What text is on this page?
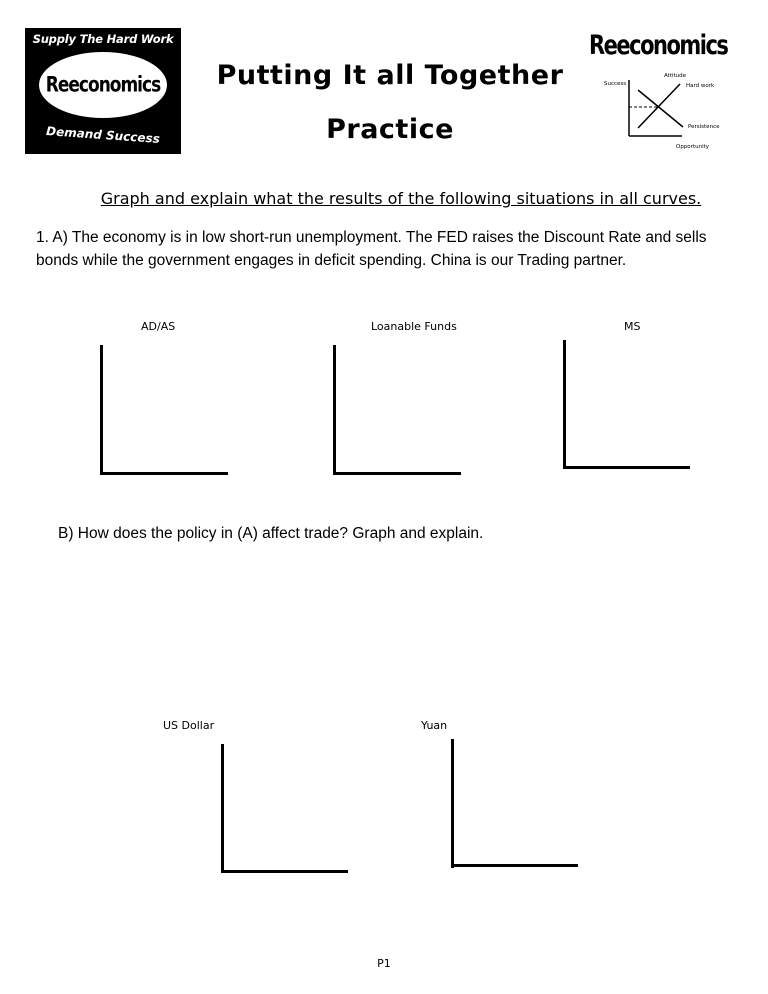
Supply The Hard Work
Reeconomics
Demand Success
Putting It all Together
Practice
Reeconomics
Success
Attitude
Hard work
Persistence
Opportunity
Graph and explain what the results of the following situations in all curves.
1. A) The economy is in low short-run unemployment. The FED raises the Discount Rate and sells bonds while the government engages in deficit spending. China is our Trading partner.
AD/AS	Loanable Funds	MS
B) How does the policy in (A) affect trade? Graph and explain.
US Dollar	Yuan
P1
